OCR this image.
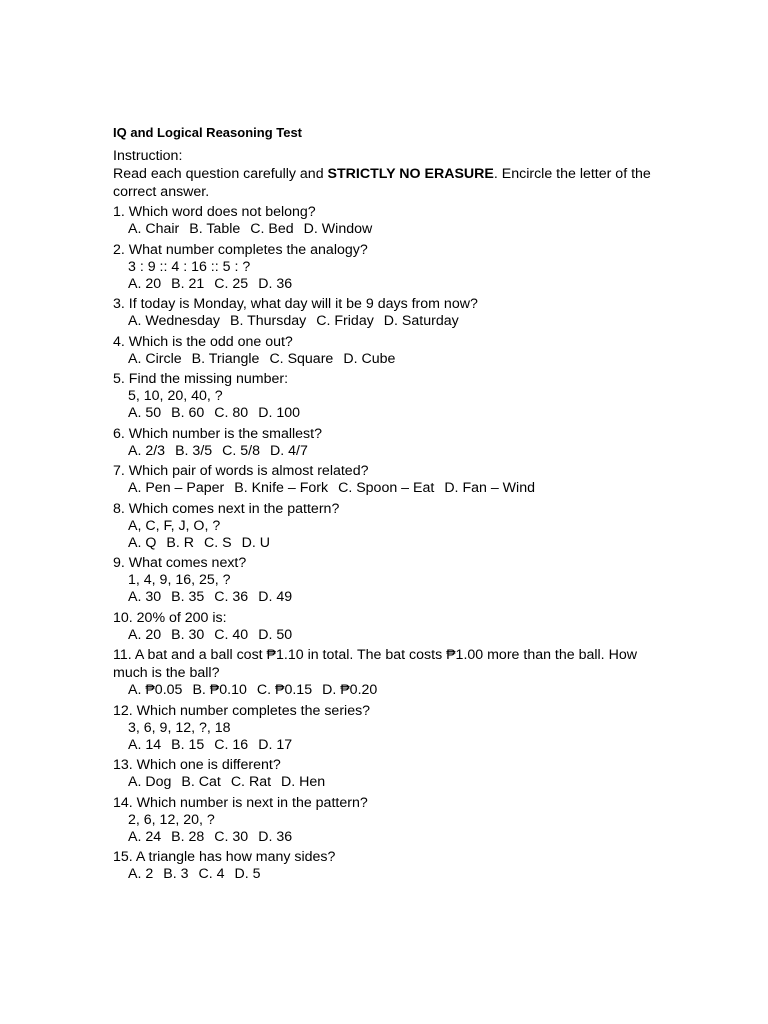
IQ and Logical Reasoning Test

Instruction:

Read each question carefully and STRICTLY NO ERASURE. Encircle the letter of the correct answer.

1. Which word does not belong?

A. Chair B. Table C. Bed D. Window

2. What number completes the analogy?

3 : 9 :: 4 : 16 :: 5 : ?

A. 20 B. 21 C. 25 D. 36

3. If today is Monday, what day will it be 9 days from now?

A. Wednesday B. Thursday C. Friday D. Saturday

4. Which is the odd one out?

A. Circle B. Triangle C. Square D. Cube

5. Find the missing number:

5, 10, 20, 40, ?

A. 50 B. 60 C. 80 D. 100

6. Which number is the smallest?

A. 2/3 B. 3/5 C. 5/8 D. 4/7

7. Which pair of words is almost related?

A. Pen – Paper B. Knife – Fork C. Spoon – Eat D. Fan – Wind

8. Which comes next in the pattern?

A, C, F, J, O, ?

A. Q B. R C. S D. U

9. What comes next?

1, 4, 9, 16, 25, ?

A. 30 B. 35 C. 36 D. 49

10. 20% of 200 is:

A. 20 B. 30 C. 40 D. 50

11. A bat and a ball cost ₱1.10 in total. The bat costs ₱1.00 more than the ball. How much is the ball?

A. ₱0.05 B. ₱0.10 C. ₱0.15 D. ₱0.20

12. Which number completes the series?

3, 6, 9, 12, ?, 18

A. 14 B. 15 C. 16 D. 17

13. Which one is different?

A. Dog B. Cat C. Rat D. Hen

14. Which number is next in the pattern?

2, 6, 12, 20, ?

A. 24 B. 28 C. 30 D. 36

15. A triangle has how many sides?

A. 2 B. 3 C. 4 D. 5
